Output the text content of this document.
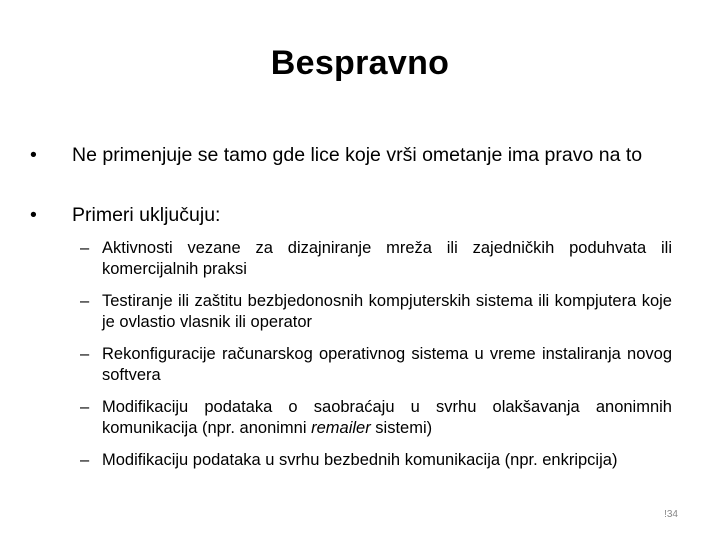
Bespravno
• Ne primenjuje se tamo gde lice koje vrši ometanje ima pravo na to
• Primeri uključuju:
– Aktivnosti vezane za dizajniranje mreža ili zajedničkih poduhvata ili komercijalnih praksi
– Testiranje ili zaštitu bezbjedonosnih kompjuterskih sistema ili kompjutera koje je ovlastio vlasnik ili operator
– Rekonfiguracije računarskog operativnog sistema u vreme instaliranja novog softvera
– Modifikaciju podataka o saobraćaju u svrhu olakšavanja anonimnih komunikacija (npr. anonimni remailer sistemi)
– Modifikaciju podataka u svrhu bezbednih komunikacija (npr. enkripcija)
!34
